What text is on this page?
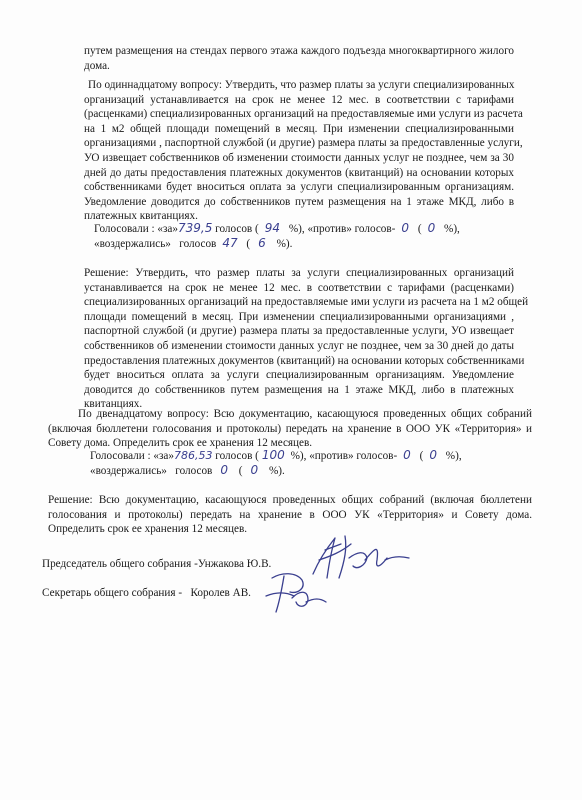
путем размещения на стендах первого этажа каждого подъезда многоквартирного жилого
дома.
По одиннадцатому вопросу: Утвердить, что размер платы за услуги специализированных
организаций устанавливается на срок не менее 12 мес. в соответствии с тарифами
(расценками) специализированных организаций на предоставляемые ими услуги из расчета
на 1 м2 общей площади помещений в месяц. При изменении специализированными
организациями , паспортной службой (и другие) размера платы за предоставленные услуги,
УО извещает собственников об изменении стоимости данных услуг не позднее, чем за 30
дней до даты предоставления платежных документов (квитанций) на основании которых
собственниками будет вноситься оплата за услуги специализированным организациям.
Уведомление доводится до собственников путем размещения на 1 этаже МКД, либо в
платежных квитанциях.
Голосовали : «за»739,5 голосов ( 94 %), «против» голосов- 0 ( 0 %),
«воздержались»   голосов 47 ( 6 %).
Решение: Утвердить, что размер платы за услуги специализированных организаций
устанавливается на срок не менее 12 мес. в соответствии с тарифами (расценками)
специализированных организаций на предоставляемые ими услуги из расчета на 1 м2 общей
площади помещений в месяц. При изменении специализированными организациями ,
паспортной службой (и другие) размера платы за предоставленные услуги, УО извещает
собственников об изменении стоимости данных услуг не позднее, чем за 30 дней до даты
предоставления платежных документов (квитанций) на основании которых собственниками
будет вноситься оплата за услуги специализированным организациям. Уведомление
доводится до собственников путем размещения на 1 этаже МКД, либо в платежных
квитанциях.
По двенадцатому вопросу: Всю документацию, касающуюся проведенных общих собраний
(включая бюллетени голосования и протоколы) передать на хранение в ООО УК «Территория» и
Совету дома. Определить срок ее хранения 12 месяцев.
Голосовали : «за»786,53 голосов ( 100 %), «против» голосов- 0 ( 0 %),
«воздержались»   голосов 0 ( 0 %).
Решение: Всю документацию, касающуюся проведенных общих собраний (включая бюллетени
голосования и протоколы) передать на хранение в ООО УК «Территория» и Совету дома.
Определить срок ее хранения 12 месяцев.
Председатель общего собрания -Унжакова Ю.В.
Секретарь общего собрания -   Королев АВ.
